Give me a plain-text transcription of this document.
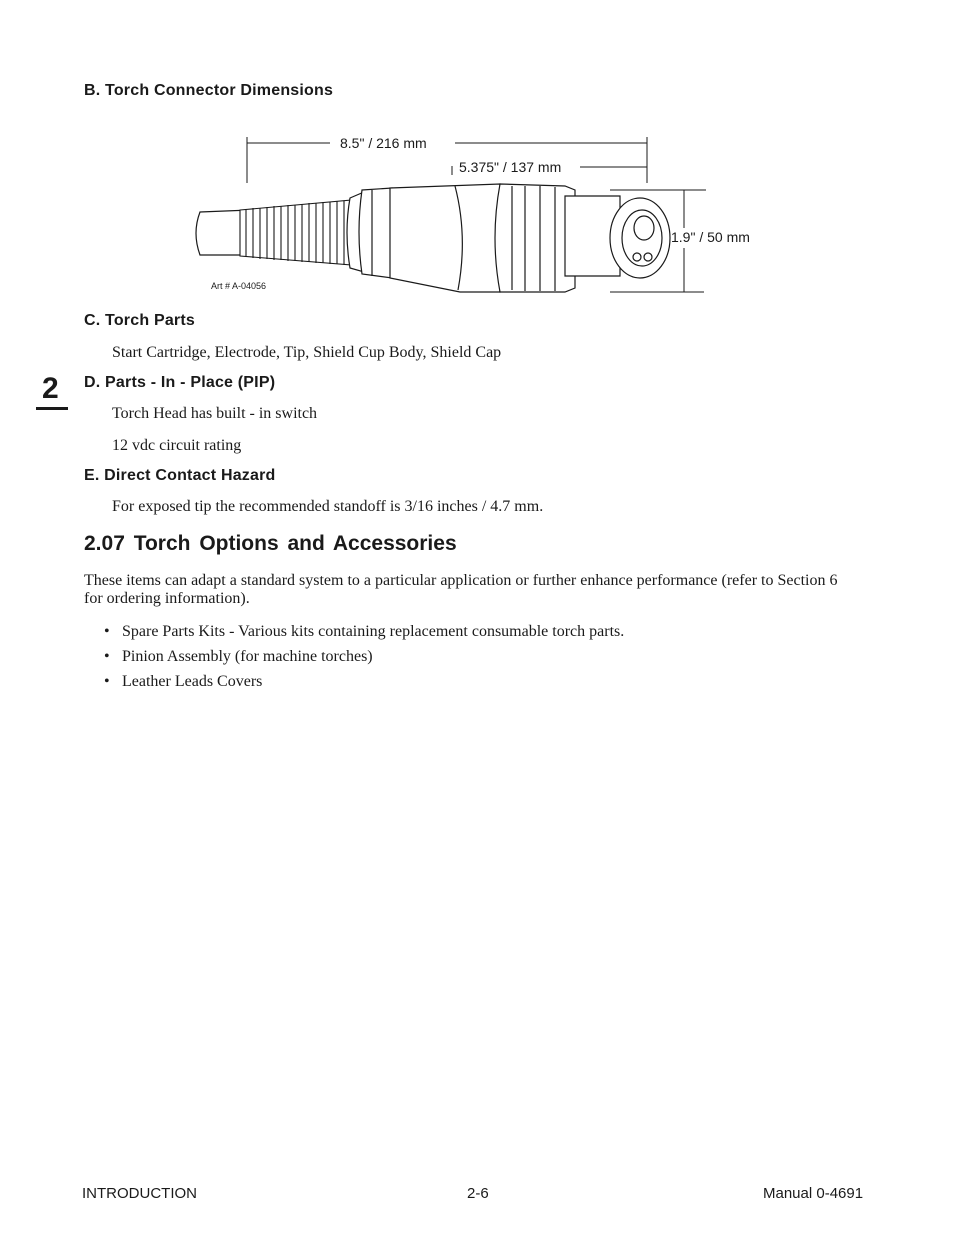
B. Torch Connector Dimensions
8.5" / 216 mm
5.375" / 137 mm
1.9" / 50 mm
Art # A-04056
C. Torch Parts
Start Cartridge, Electrode, Tip, Shield Cup Body, Shield Cap
2 D. Parts - In - Place (PIP)
Torch Head has built - in switch
12 vdc circuit rating
E. Direct Contact Hazard
For exposed tip the recommended standoff is 3/16 inches / 4.7 mm.
2.07 Torch Options and Accessories
These items can adapt a standard system to a particular application or further enhance performance (refer to Section 6
for ordering information).
• Spare Parts Kits - Various kits containing replacement consumable torch parts.
• Pinion Assembly (for machine torches)
• Leather Leads Covers
INTRODUCTION	2-6	Manual 0-4691
